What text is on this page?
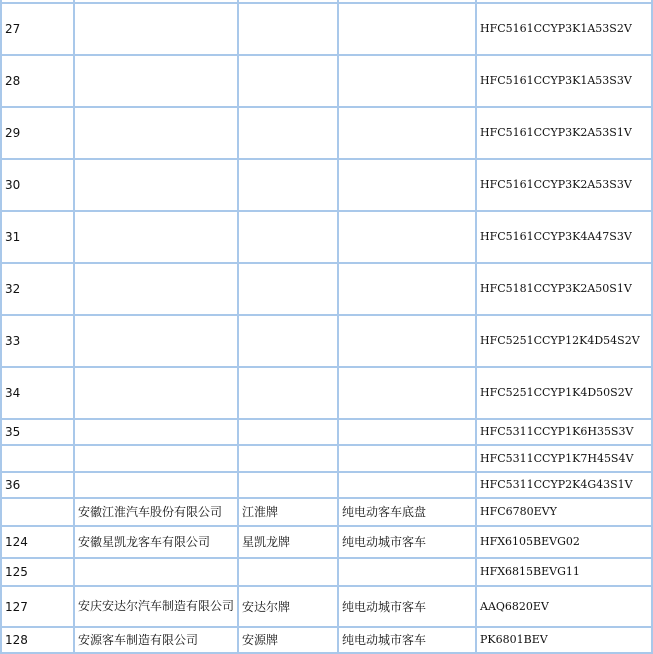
27				HFC5161CCYP3K1A53S2V
28				HFC5161CCYP3K1A53S3V
29				HFC5161CCYP3K2A53S1V
30				HFC5161CCYP3K2A53S3V
31				HFC5161CCYP3K4A47S3V
32				HFC5181CCYP3K2A50S1V
33				HFC5251CCYP12K4D54S2V
34				HFC5251CCYP1K4D50S2V
35				HFC5311CCYP1K6H35S3V
				HFC5311CCYP1K7H45S4V
36				HFC5311CCYP2K4G43S1V
	安徽江淮汽车股份有限公司	江淮牌	纯电动客车底盘	HFC6780EVY
124	安徽星凯龙客车有限公司	星凯龙牌	纯电动城市客车	HFX6105BEVG02
125				HFX6815BEVG11
127	安庆安达尔汽车制造有限公司	安达尔牌	纯电动城市客车	AAQ6820EV
128	安源客车制造有限公司	安源牌	纯电动城市客车	PK6801BEV
